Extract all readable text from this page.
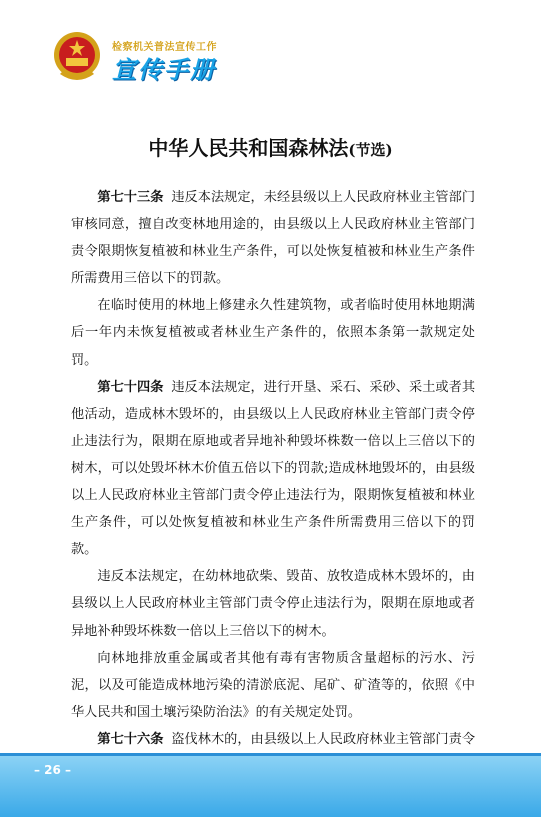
检察机关普法宣传工作
宣传手册
中华人民共和国森林法(节选)

第七十三条 违反本法规定，未经县级以上人民政府林业主管部门审核同意，擅自改变林地用途的，由县级以上人民政府林业主管部门责令限期恢复植被和林业生产条件，可以处恢复植被和林业生产条件所需费用三倍以下的罚款。

在临时使用的林地上修建永久性建筑物，或者临时使用林地期满后一年内未恢复植被或者林业生产条件的，依照本条第一款规定处罚。

第七十四条 违反本法规定，进行开垦、采石、采砂、采土或者其他活动，造成林木毁坏的，由县级以上人民政府林业主管部门责令停止违法行为，限期在原地或者异地补种毁坏株数一倍以上三倍以下的树木，可以处毁坏林木价值五倍以下的罚款;造成林地毁坏的，由县级以上人民政府林业主管部门责令停止违法行为，限期恢复植被和林业生产条件，可以处恢复植被和林业生产条件所需费用三倍以下的罚款。

违反本法规定，在幼林地砍柴、毁苗、放牧造成林木毁坏的，由县级以上人民政府林业主管部门责令停止违法行为，限期在原地或者异地补种毁坏株数一倍以上三倍以下的树木。

向林地排放重金属或者其他有毒有害物质含量超标的污水、污泥，以及可能造成林地污染的清淤底泥、尾矿、矿渣等的，依照《中华人民共和国土壤污染防治法》的有关规定处罚。

第七十六条 盗伐林木的，由县级以上人民政府林业主管部门责令

– 26 –
